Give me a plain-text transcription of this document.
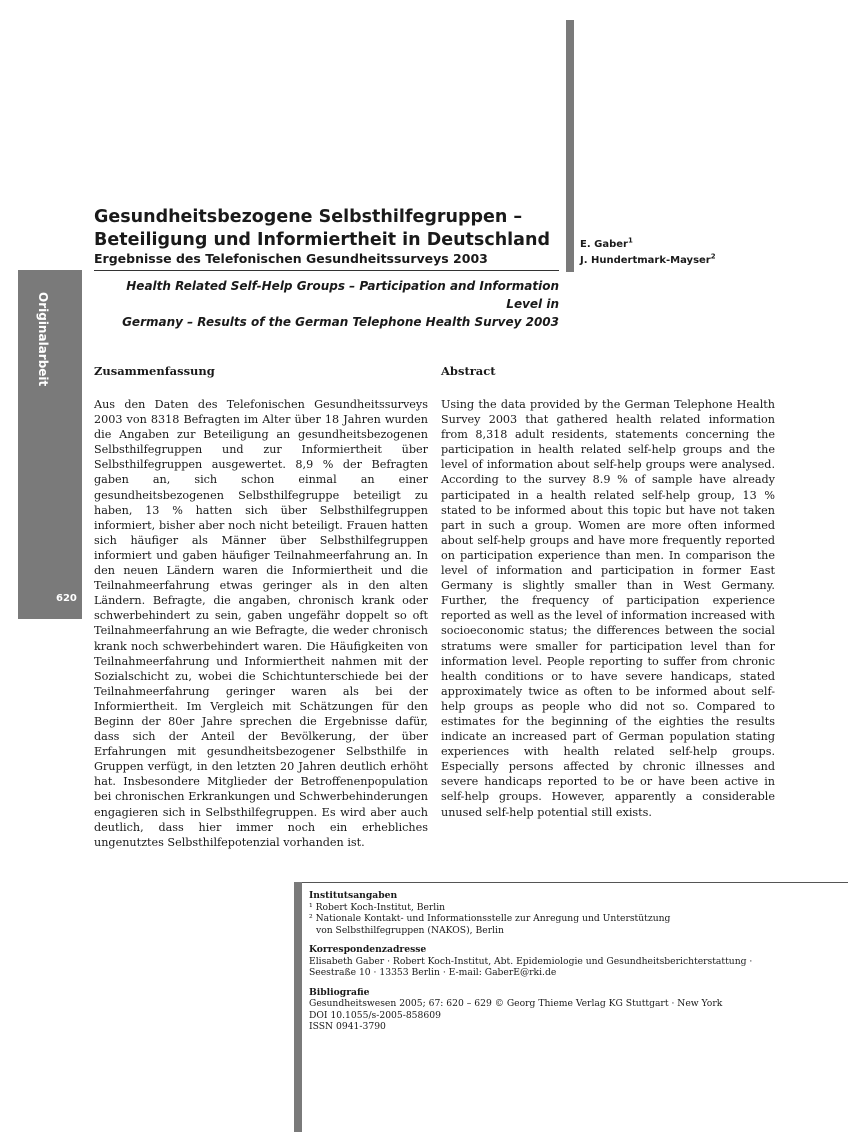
Originalarbeit
620
Gesundheitsbezogene Selbsthilfegruppen –
Beteiligung und Informiertheit in Deutschland
Ergebnisse des Telefonischen Gesundheitssurveys 2003
Health Related Self-Help Groups – Participation and Information Level in
Germany – Results of the German Telephone Health Survey 2003
E. Gaber$^1$
J. Hundertmark-Mayser$^2$
Zusammenfassung

Aus den Daten des Telefonischen Gesundheitssurveys 2003 von 8318 Befragten im Alter über 18 Jahren wurden die Angaben zur Beteiligung an gesundheitsbezogenen Selbsthilfegruppen und zur Informiertheit über Selbsthilfegruppen ausgewertet. 8,9 % der Befragten gaben an, sich schon einmal an einer gesundheitsbezogenen Selbsthilfegruppe beteiligt zu haben, 13 % hatten sich über Selbsthilfegruppen informiert, bisher aber noch nicht beteiligt. Frauen hatten sich häufiger als Männer über Selbsthilfegruppen informiert und gaben häufiger Teilnahmeerfahrung an. In den neuen Ländern waren die Informiertheit und die Teilnahmeerfahrung etwas geringer als in den alten Ländern. Befragte, die angaben, chronisch krank oder schwerbehindert zu sein, gaben ungefähr doppelt so oft Teilnahmeerfahrung an wie Befragte, die weder chronisch krank noch schwerbehindert waren. Die Häufigkeiten von Teilnahmeerfahrung und Informiertheit nahmen mit der Sozialschicht zu, wobei die Schichtunterschiede bei der Teilnahmeerfahrung geringer waren als bei der Informiertheit. Im Vergleich mit Schätzungen für den Beginn der 80er Jahre sprechen die Ergebnisse dafür, dass sich der Anteil der Bevölkerung, der über Erfahrungen mit gesundheitsbezogener Selbsthilfe in Gruppen verfügt, in den letzten 20 Jahren deutlich erhöht hat. Insbesondere Mitglieder der Betroffenenpopulation bei chronischen Erkrankungen und Schwerbehinderungen engagieren sich in Selbsthilfegruppen. Es wird aber auch deutlich, dass hier immer noch ein erhebliches ungenutztes Selbsthilfepotenzial vorhanden ist.

Abstract

Using the data provided by the German Telephone Health Survey 2003 that gathered health related information from 8,318 adult residents, statements concerning the participation in health related self-help groups and the level of information about self-help groups were analysed. According to the survey 8.9 % of sample have already participated in a health related self-help group, 13 % stated to be informed about this topic but have not taken part in such a group. Women are more often informed about self-help groups and have more frequently reported on participation experience than men. In comparison the level of information and participation in former East Germany is slightly smaller than in West Germany. Further, the frequency of participation experience reported as well as the level of information increased with socioeconomic status; the differences between the social stratums were smaller for participation level than for information level. People reporting to suffer from chronic health conditions or to have severe handicaps, stated approximately twice as often to be informed about self-help groups as people who did not so. Compared to estimates for the beginning of the eighties the results indicate an increased part of German population stating experiences with health related self-help groups. Especially persons affected by chronic illnesses and severe handicaps reported to be or have been active in self-help groups. However, apparently a considerable unused self-help potential still exists.

Institutsangaben
¹ Robert Koch-Institut, Berlin
² Nationale Kontakt- und Informationsstelle zur Anregung und Unterstützung
von Selbsthilfegruppen (NAKOS), Berlin
Korrespondenzadresse
Elisabeth Gaber · Robert Koch-Institut, Abt. Epidemiologie und Gesundheitsberichterstattung ·
Seestraße 10 · 13353 Berlin · E-mail: GaberE@rki.de
Bibliografie
Gesundheitswesen 2005; 67: 620 – 629 © Georg Thieme Verlag KG Stuttgart · New York
DOI 10.1055/s-2005-858609
ISSN 0941-3790
